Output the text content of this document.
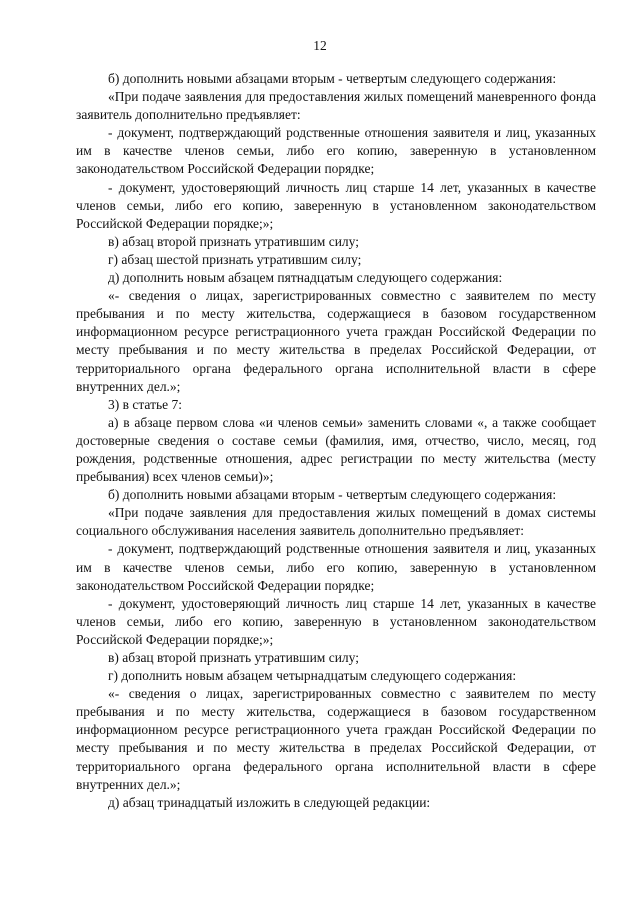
12

б) дополнить новыми абзацами вторым - четвертым следующего содержания:

«При подаче заявления для предоставления жилых помещений маневренного фонда заявитель дополнительно предъявляет:

- документ, подтверждающий родственные отношения заявителя и лиц, указанных им в качестве членов семьи, либо его копию, заверенную в установленном законодательством Российской Федерации порядке;

- документ, удостоверяющий личность лиц старше 14 лет, указанных в качестве членов семьи, либо его копию, заверенную в установленном законодательством Российской Федерации порядке;»;

в) абзац второй признать утратившим силу;

г) абзац шестой признать утратившим силу;

д) дополнить новым абзацем пятнадцатым следующего содержания:

«- сведения о лицах, зарегистрированных совместно с заявителем по месту пребывания и по месту жительства, содержащиеся в базовом государственном информационном ресурсе регистрационного учета граждан Российской Федерации по месту пребывания и по месту жительства в пределах Российской Федерации, от территориального органа федерального органа исполнительной власти в сфере внутренних дел.»;

3) в статье 7:

а) в абзаце первом слова «и членов семьи» заменить словами «, а также сообщает достоверные сведения о составе семьи (фамилия, имя, отчество, число, месяц, год рождения, родственные отношения, адрес регистрации по месту жительства (месту пребывания) всех членов семьи)»;

б) дополнить новыми абзацами вторым - четвертым следующего содержания:

«При подаче заявления для предоставления жилых помещений в домах системы социального обслуживания населения заявитель дополнительно предъявляет:

- документ, подтверждающий родственные отношения заявителя и лиц, указанных им в качестве членов семьи, либо его копию, заверенную в установленном законодательством Российской Федерации порядке;

- документ, удостоверяющий личность лиц старше 14 лет, указанных в качестве членов семьи, либо его копию, заверенную в установленном законодательством Российской Федерации порядке;»;

в) абзац второй признать утратившим силу;

г) дополнить новым абзацем четырнадцатым следующего содержания:

«- сведения о лицах, зарегистрированных совместно с заявителем по месту пребывания и по месту жительства, содержащиеся в базовом государственном информационном ресурсе регистрационного учета граждан Российской Федерации по месту пребывания и по месту жительства в пределах Российской Федерации, от территориального органа федерального органа исполнительной власти в сфере внутренних дел.»;

д) абзац тринадцатый изложить в следующей редакции:
